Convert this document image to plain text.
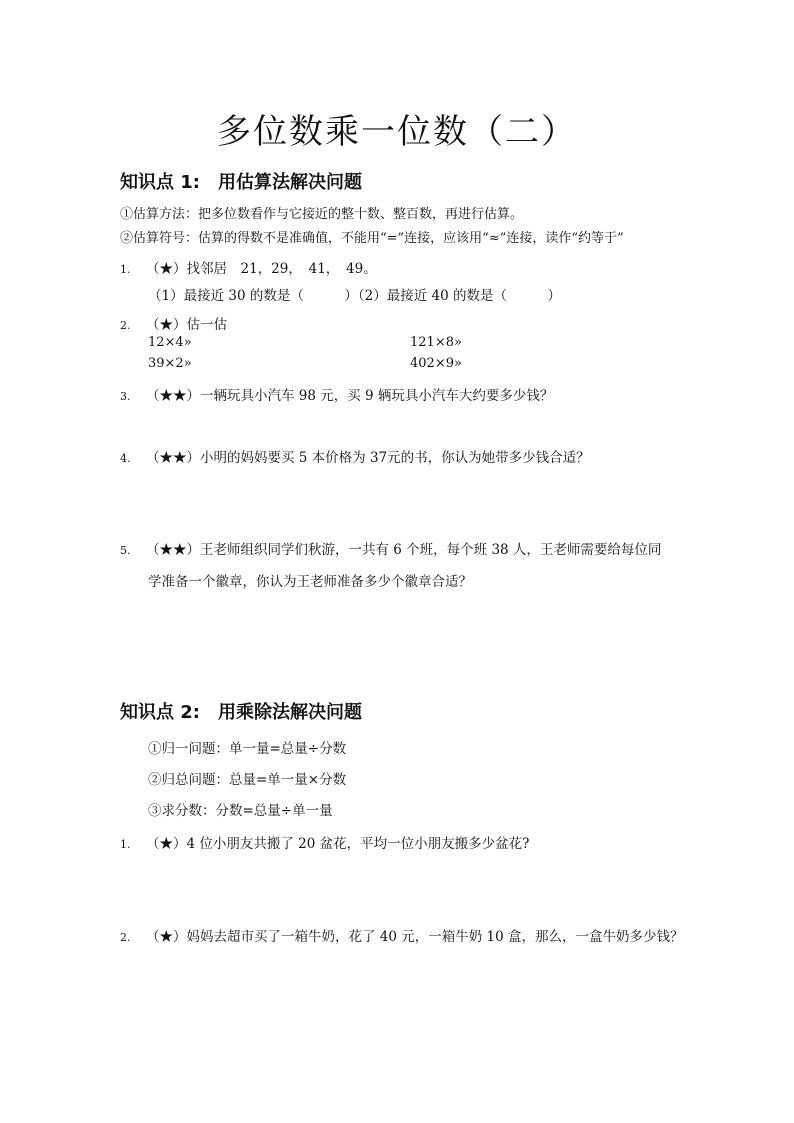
多位数乘一位数（二）
知识点 1:　用估算法解决问题
①估算方法：把多位数看作与它接近的整十数、整百数，再进行估算。
②估算符号：估算的得数不是准确值，不能用“=”连接，应该用“≈”连接，读作“约等于”
1. （★）找邻居　21，29，　41，　49。
（1）最接近 30 的数是（　　　）（2）最接近 40 的数是（　　　）
2. （★）估一估
12×4»	121×8»
39×2»	402×9»
3. （★★）一辆玩具小汽车 98 元，买 9 辆玩具小汽车大约要多少钱？
4. （★★）小明的妈妈要买 5 本价格为 37元的书，你认为她带多少钱合适？
5. （★★）王老师组织同学们秋游，一共有 6 个班，每个班 38 人，王老师需要给每位同
学准备一个徽章，你认为王老师准备多少个徽章合适？
知识点 2:　用乘除法解决问题
①归一问题：单一量=总量÷分数
②归总问题：总量=单一量×分数
③求分数：分数=总量÷单一量
1. （★）4 位小朋友共搬了 20 盆花，平均一位小朋友搬多少盆花?
2. （★）妈妈去超市买了一箱牛奶，花了 40 元，一箱牛奶 10 盒，那么，一盒牛奶多少钱？
